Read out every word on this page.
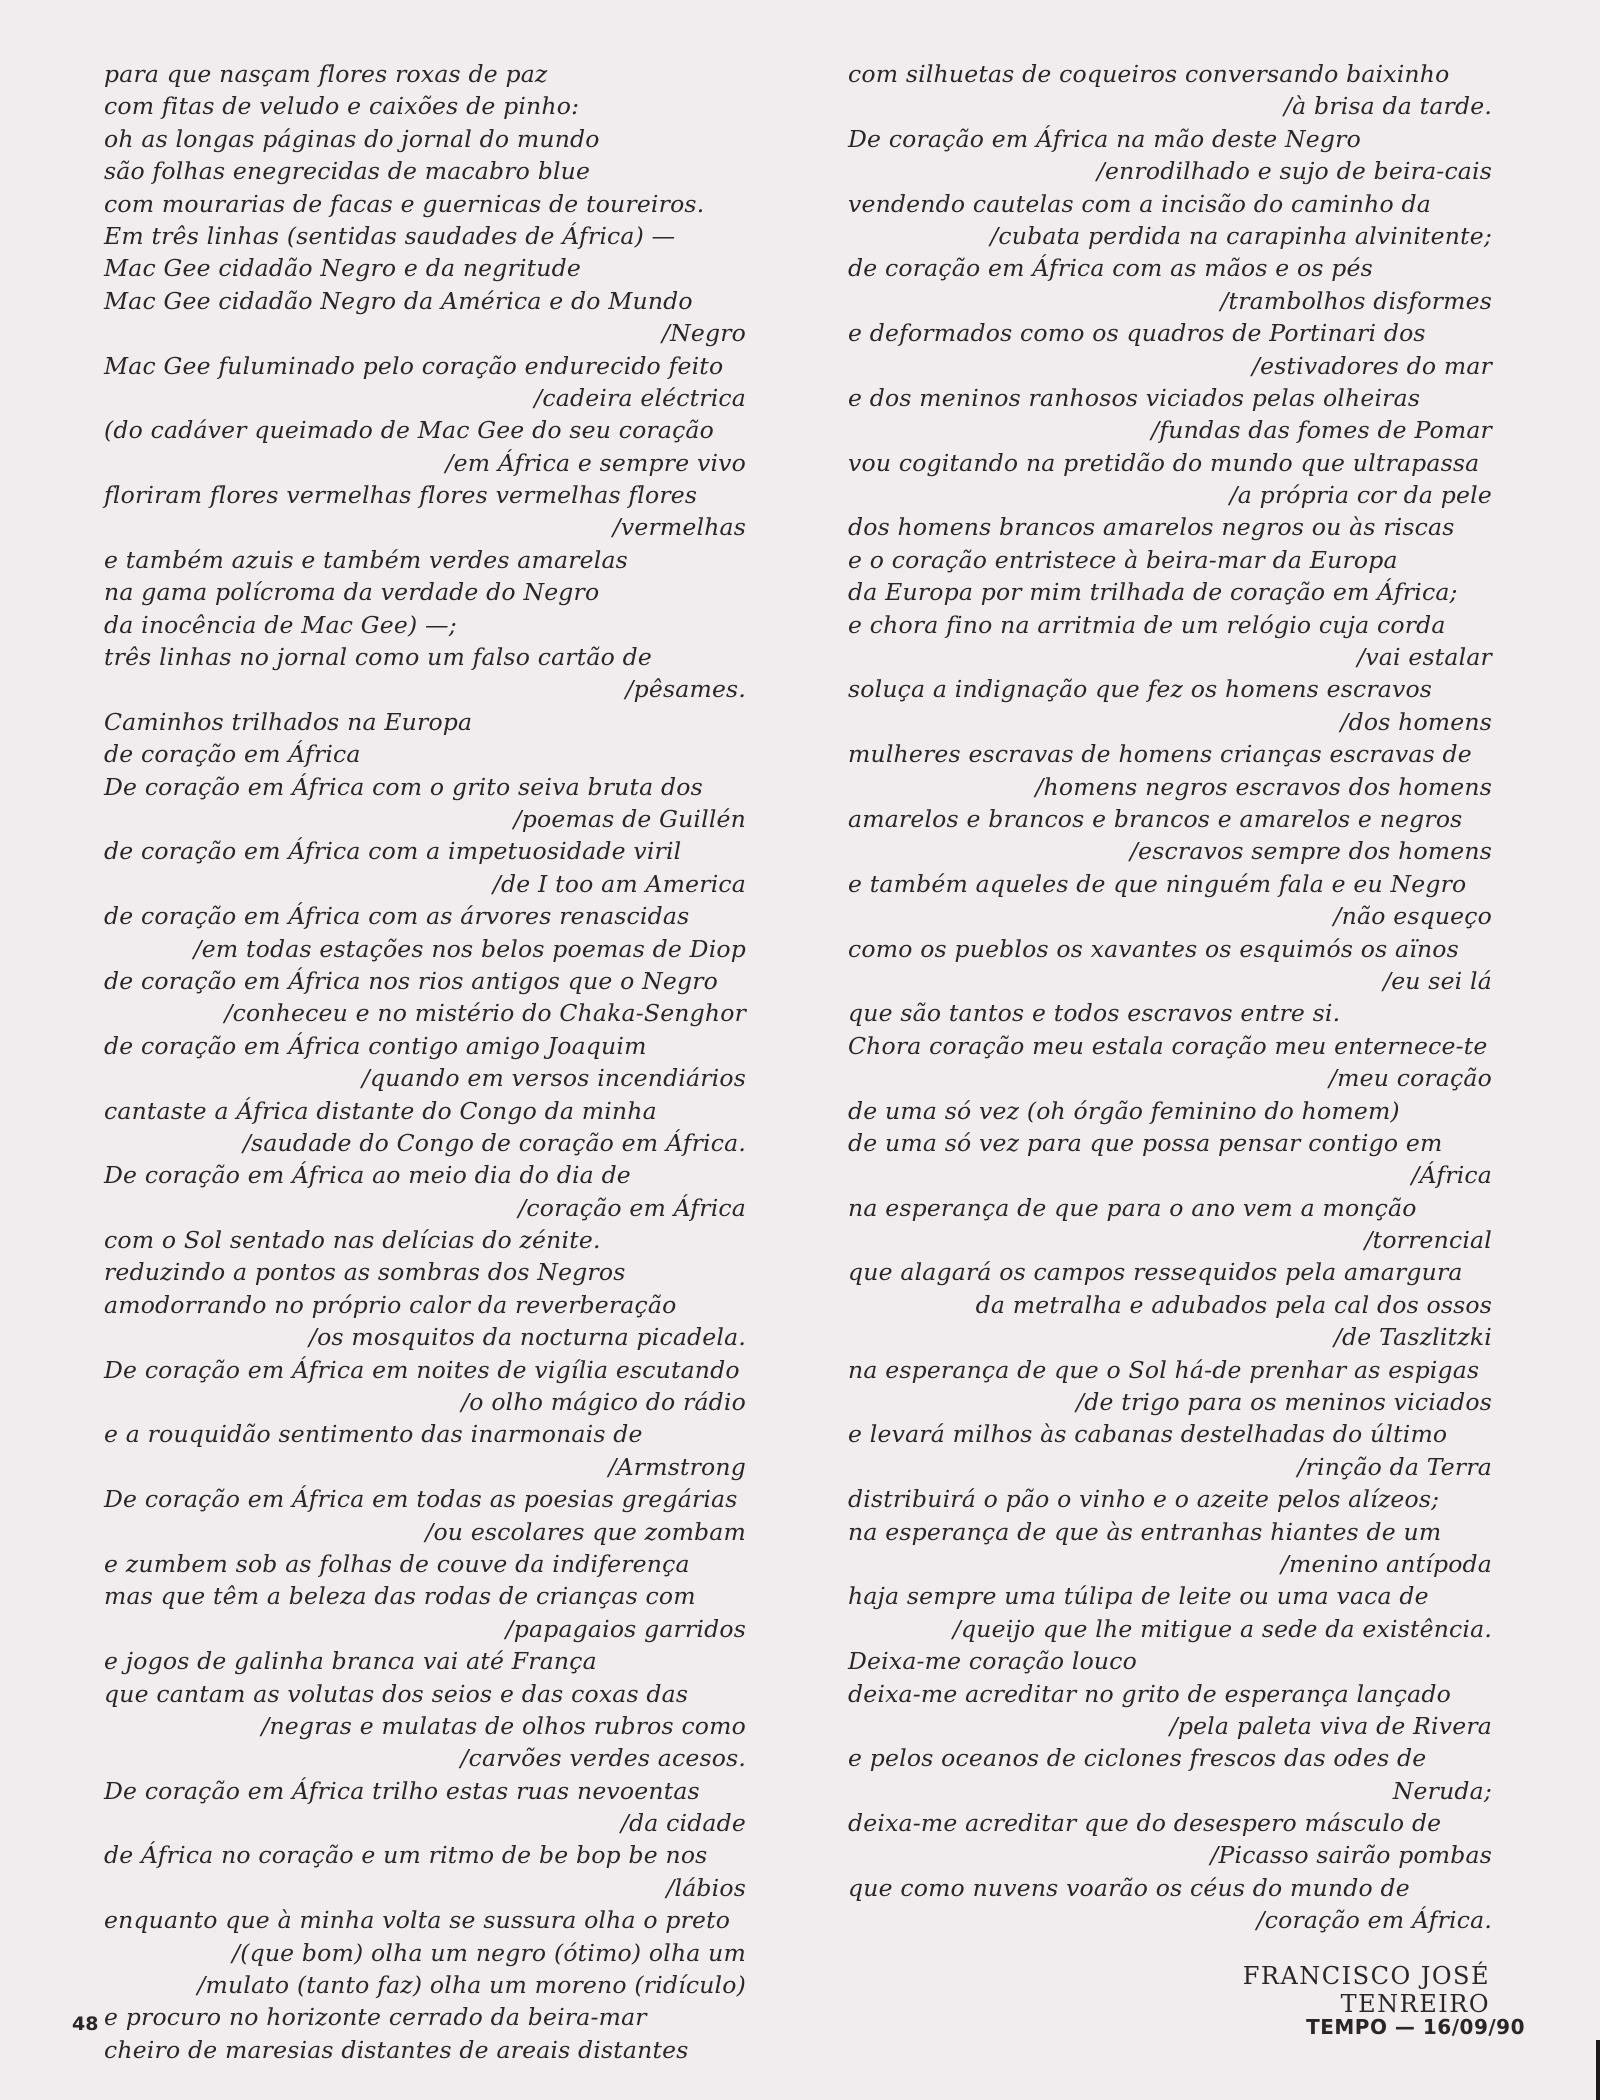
para que nasçam flores roxas de paz
com fitas de veludo e caixões de pinho:
oh as longas páginas do jornal do mundo
são folhas enegrecidas de macabro blue
com mourarias de facas e guernicas de toureiros.
Em três linhas (sentidas saudades de África) —
Mac Gee cidadão Negro e da negritude
Mac Gee cidadão Negro da América e do Mundo
/Negro
Mac Gee fuluminado pelo coração endurecido feito
/cadeira eléctrica
(do cadáver queimado de Mac Gee do seu coração
/em África e sempre vivo
floriram flores vermelhas flores vermelhas flores
/vermelhas
e também azuis e também verdes amarelas
na gama polícroma da verdade do Negro
da inocência de Mac Gee) —;
três linhas no jornal como um falso cartão de
/pêsames.
Caminhos trilhados na Europa
de coração em África
De coração em África com o grito seiva bruta dos
/poemas de Guillén
de coração em África com a impetuosidade viril
/de I too am America
de coração em África com as árvores renascidas
/em todas estações nos belos poemas de Diop
de coração em África nos rios antigos que o Negro
/conheceu e no mistério do Chaka-Senghor
de coração em África contigo amigo Joaquim
/quando em versos incendiários
cantaste a África distante do Congo da minha
/saudade do Congo de coração em África.
De coração em África ao meio dia do dia de
/coração em África
com o Sol sentado nas delícias do zénite.
reduzindo a pontos as sombras dos Negros
amodorrando no próprio calor da reverberação
/os mosquitos da nocturna picadela.
De coração em África em noites de vigília escutando
/o olho mágico do rádio
e a rouquidão sentimento das inarmonais de
/Armstrong
De coração em África em todas as poesias gregárias
/ou escolares que zombam
e zumbem sob as folhas de couve da indiferença
mas que têm a beleza das rodas de crianças com
/papagaios garridos
e jogos de galinha branca vai até França
que cantam as volutas dos seios e das coxas das
/negras e mulatas de olhos rubros como
/carvões verdes acesos.
De coração em África trilho estas ruas nevoentas
/da cidade
de África no coração e um ritmo de be bop be nos
/lábios
enquanto que à minha volta se sussura olha o preto
/(que bom) olha um negro (ótimo) olha um
/mulato (tanto faz) olha um moreno (ridículo)
e procuro no horizonte cerrado da beira-mar
cheiro de maresias distantes de areais distantes
com silhuetas de coqueiros conversando baixinho
/à brisa da tarde.
De coração em África na mão deste Negro
/enrodilhado e sujo de beira-cais
vendendo cautelas com a incisão do caminho da
/cubata perdida na carapinha alvinitente;
de coração em África com as mãos e os pés
/trambolhos disformes
e deformados como os quadros de Portinari dos
/estivadores do mar
e dos meninos ranhosos viciados pelas olheiras
/fundas das fomes de Pomar
vou cogitando na pretidão do mundo que ultrapassa
/a própria cor da pele
dos homens brancos amarelos negros ou às riscas
e o coração entristece à beira-mar da Europa
da Europa por mim trilhada de coração em África;
e chora fino na arritmia de um relógio cuja corda
/vai estalar
soluça a indignação que fez os homens escravos
/dos homens
mulheres escravas de homens crianças escravas de
/homens negros escravos dos homens
amarelos e brancos e brancos e amarelos e negros
/escravos sempre dos homens
e também aqueles de que ninguém fala e eu Negro
/não esqueço
como os pueblos os xavantes os esquimós os aïnos
/eu sei lá
que são tantos e todos escravos entre si.
Chora coração meu estala coração meu enternece-te
/meu coração
de uma só vez (oh órgão feminino do homem)
de uma só vez para que possa pensar contigo em
/África
na esperança de que para o ano vem a monção
/torrencial
que alagará os campos ressequidos pela amargura
da metralha e adubados pela cal dos ossos
/de Taszlitzki
na esperança de que o Sol há-de prenhar as espigas
/de trigo para os meninos viciados
e levará milhos às cabanas destelhadas do último
/rinção da Terra
distribuirá o pão o vinho e o azeite pelos alízeos;
na esperança de que às entranhas hiantes de um
/menino antípoda
haja sempre uma túlipa de leite ou uma vaca de
/queijo que lhe mitigue a sede da existência.
Deixa-me coração louco
deixa-me acreditar no grito de esperança lançado
/pela paleta viva de Rivera
e pelos oceanos de ciclones frescos das odes de
Neruda;
deixa-me acreditar que do desespero másculo de
/Picasso sairão pombas
que como nuvens voarão os céus do mundo de
/coração em África.
FRANCISCO JOSÉ TENREIRO
48	TEMPO — 16/09/90
